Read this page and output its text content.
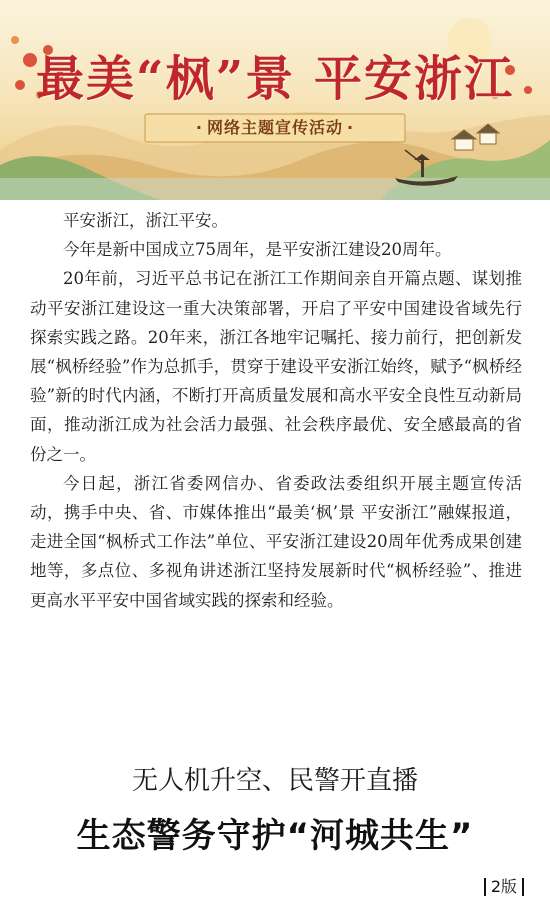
最美“枫”景 平安浙江
· 网络主题宣传活动 ·

平安浙江，浙江平安。

今年是新中国成立75周年，是平安浙江建设20周年。

20年前，习近平总书记在浙江工作期间亲自开篇点题、谋划推动平安浙江建设这一重大决策部署，开启了平安中国建设省域先行探索实践之路。20年来，浙江各地牢记嘱托、接力前行，把创新发展“枫桥经验”作为总抓手，贯穿于建设平安浙江始终，赋予“枫桥经验”新的时代内涵，不断打开高质量发展和高水平安全良性互动新局面，推动浙江成为社会活力最强、社会秩序最优、安全感最高的省份之一。

今日起，浙江省委网信办、省委政法委组织开展主题宣传活动，携手中央、省、市媒体推出“最美‘枫’景 平安浙江”融媒报道，走进全国“枫桥式工作法”单位、平安浙江建设20周年优秀成果创建地等，多点位、多视角讲述浙江坚持发展新时代“枫桥经验”、推进更高水平平安中国省域实践的探索和经验。

无人机升空、民警开直播
生态警务守护“河城共生”
2版
